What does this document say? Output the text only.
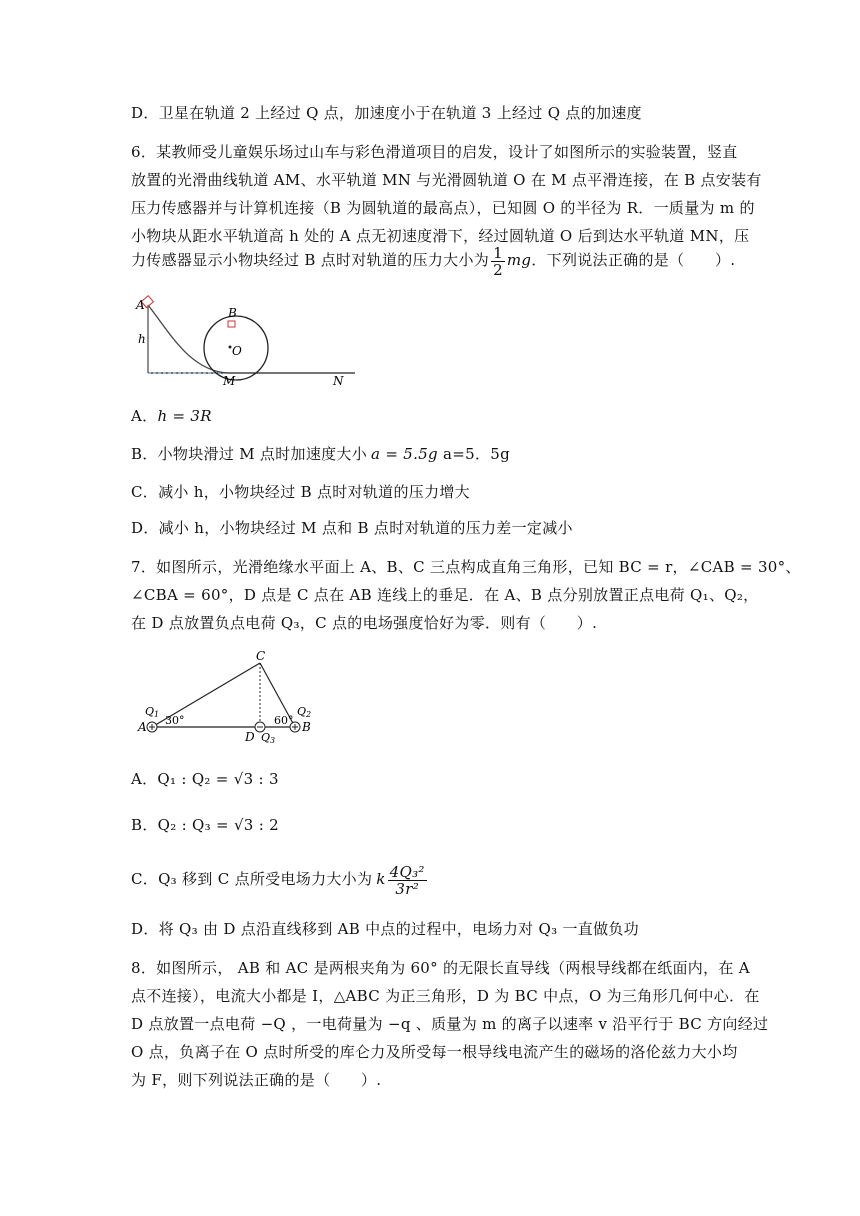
D．卫星在轨道 2 上经过 Q 点，加速度小于在轨道 3 上经过 Q 点的加速度
6．某教师受儿童娱乐场过山车与彩色滑道项目的启发，设计了如图所示的实验装置，竖直
放置的光滑曲线轨道 AM、水平轨道 MN 与光滑圆轨道 O 在 M 点平滑连接，在 B 点安装有
压力传感器并与计算机连接（B 为圆轨道的最高点），已知圆 O 的半径为 R．一质量为 m 的
小物块从距水平轨道高 h 处的 A 点无初速度滑下，经过圆轨道 O 后到达水平轨道 MN，压
力传感器显示小物块经过 B 点时对轨道的压力大小为 $\frac{1}{2}$ mg．下列说法正确的是（　　）.
A
B
O
h
M	N
A．h = 3R
B．小物块滑过 M 点时加速度大小 a = 5.5g a=5．5g
C．减小 h，小物块经过 B 点时对轨道的压力增大
D．减小 h，小物块经过 M 点和 B 点时对轨道的压力差一定减小
7．如图所示，光滑绝缘水平面上 A、B、C 三点构成直角三角形，已知 BC = r，∠CAB = 30°、
∠CBA = 60°，D 点是 C 点在 AB 连线上的垂足．在 A、B 点分别放置正点电荷 Q₁、Q₂，
在 D 点放置负点电荷 Q₃，C 点的电场强度恰好为零．则有（　　）.
C
A	B
D
Q1	Q2
Q3
30°	60°
A．Q₁ : Q₂ = √3 : 3
B．Q₂ : Q₃ = √3 : 2
C．Q₃ 移到 C 点所受电场力大小为 k $\frac{\text{4Q₃²}}{\text{3r²}}$
D．将 Q₃ 由 D 点沿直线移到 AB 中点的过程中，电场力对 Q₃ 一直做负功
8．如图所示， AB 和 AC 是两根夹角为 60° 的无限长直导线（两根导线都在纸面内，在 A
点不连接），电流大小都是 I，△ABC 为正三角形，D 为 BC 中点，O 为三角形几何中心．在
D 点放置一点电荷 −Q ，一电荷量为 −q 、质量为 m 的离子以速率 v 沿平行于 BC 方向经过
O 点，负离子在 O 点时所受的库仑力及所受每一根导线电流产生的磁场的洛伦兹力大小均
为 F，则下列说法正确的是（　　）.
